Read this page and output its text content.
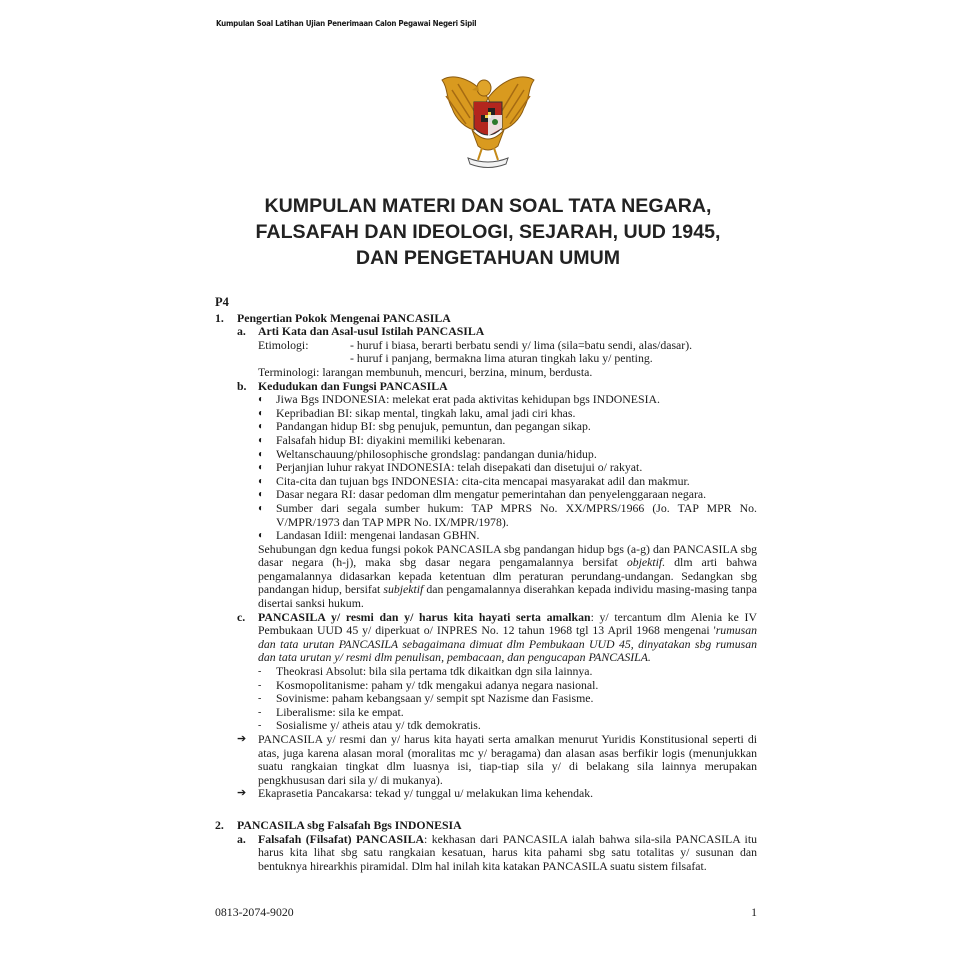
Kumpulan Soal Latihan Ujian Penerimaan Calon Pegawai Negeri Sipil
KUMPULAN MATERI DAN SOAL TATA NEGARA,
FALSAFAH DAN IDEOLOGI, SEJARAH, UUD 1945,
DAN PENGETAHUAN UMUM
P4
1. Pengertian Pokok Mengenai PANCASILA
a. Arti Kata dan Asal-usul Istilah PANCASILA
Etimologi:	- huruf i biasa, berarti berbatu sendi y/ lima (sila=batu sendi, alas/dasar).
- huruf i panjang, bermakna lima aturan tingkah laku y/ penting.
Terminologi: larangan membunuh, mencuri, berzina, minum, berdusta.
b. Kedudukan dan Fungsi PANCASILA
◐ Jiwa Bgs INDONESIA: melekat erat pada aktivitas kehidupan bgs INDONESIA.
◐ Kepribadian BI: sikap mental, tingkah laku, amal jadi ciri khas.
◐ Pandangan hidup BI: sbg penujuk, pemuntun, dan pegangan sikap.
◐ Falsafah hidup BI: diyakini memiliki kebenaran.
◐ Weltanschauung/philosophische grondslag: pandangan dunia/hidup.
◐ Perjanjian luhur rakyat INDONESIA: telah disepakati dan disetujui o/ rakyat.
◐ Cita-cita dan tujuan bgs INDONESIA: cita-cita mencapai masyarakat adil dan makmur.
◐ Dasar negara RI: dasar pedoman dlm mengatur pemerintahan dan penyelenggaraan negara.
◐ Sumber dari segala sumber hukum: TAP MPRS No. XX/MPRS/1966 (Jo. TAP MPR No. V/MPR/1973 dan TAP MPR No. IX/MPR/1978).
◐ Landasan Idiil: mengenai landasan GBHN.
Sehubungan dgn kedua fungsi pokok PANCASILA sbg pandangan hidup bgs (a-g) dan PANCASILA sbg dasar negara (h-j), maka sbg dasar negara pengamalannya bersifat objektif. dlm arti bahwa pengamalannya didasarkan kepada ketentuan dlm peraturan perundang-undangan. Sedangkan sbg pandangan hidup, bersifat subjektif dan pengamalannya diserahkan kepada individu masing-masing tanpa disertai sanksi hukum.
c. PANCASILA y/ resmi dan y/ harus kita hayati serta amalkan: y/ tercantum dlm Alenia ke IV Pembukaan UUD 45 y/ diperkuat o/ INPRES No. 12 tahun 1968 tgl 13 April 1968 mengenai 'rumusan dan tata urutan PANCASILA sebagaimana dimuat dlm Pembukaan UUD 45, dinyatakan sbg rumusan dan tata urutan y/ resmi dlm penulisan, pembacaan, dan pengucapan PANCASILA.
- Theokrasi Absolut: bila sila pertama tdk dikaitkan dgn sila lainnya.
- Kosmopolitanisme: paham y/ tdk mengakui adanya negara nasional.
- Sovinisme: paham kebangsaan y/ sempit spt Nazisme dan Fasisme.
- Liberalisme: sila ke empat.
- Sosialisme y/ atheis atau y/ tdk demokratis.
➔ PANCASILA y/ resmi dan y/ harus kita hayati serta amalkan menurut Yuridis Konstitusional seperti di atas, juga karena alasan moral (moralitas mc y/ beragama) dan alasan asas berfikir logis (menunjukkan suatu rangkaian tingkat dlm luasnya isi, tiap-tiap sila y/ di belakang sila lainnya merupakan pengkhususan dari sila y/ di mukanya).
➔ Ekaprasetia Pancakarsa: tekad y/ tunggal u/ melakukan lima kehendak.
2. PANCASILA sbg Falsafah Bgs INDONESIA
a. Falsafah (Filsafat) PANCASILA: kekhasan dari PANCASILA ialah bahwa sila-sila PANCASILA itu harus kita lihat sbg satu rangkaian kesatuan, harus kita pahami sbg satu totalitas y/ susunan dan bentuknya hirearkhis piramidal. Dlm hal inilah kita katakan PANCASILA suatu sistem filsafat.
0813-2074-9020	1
